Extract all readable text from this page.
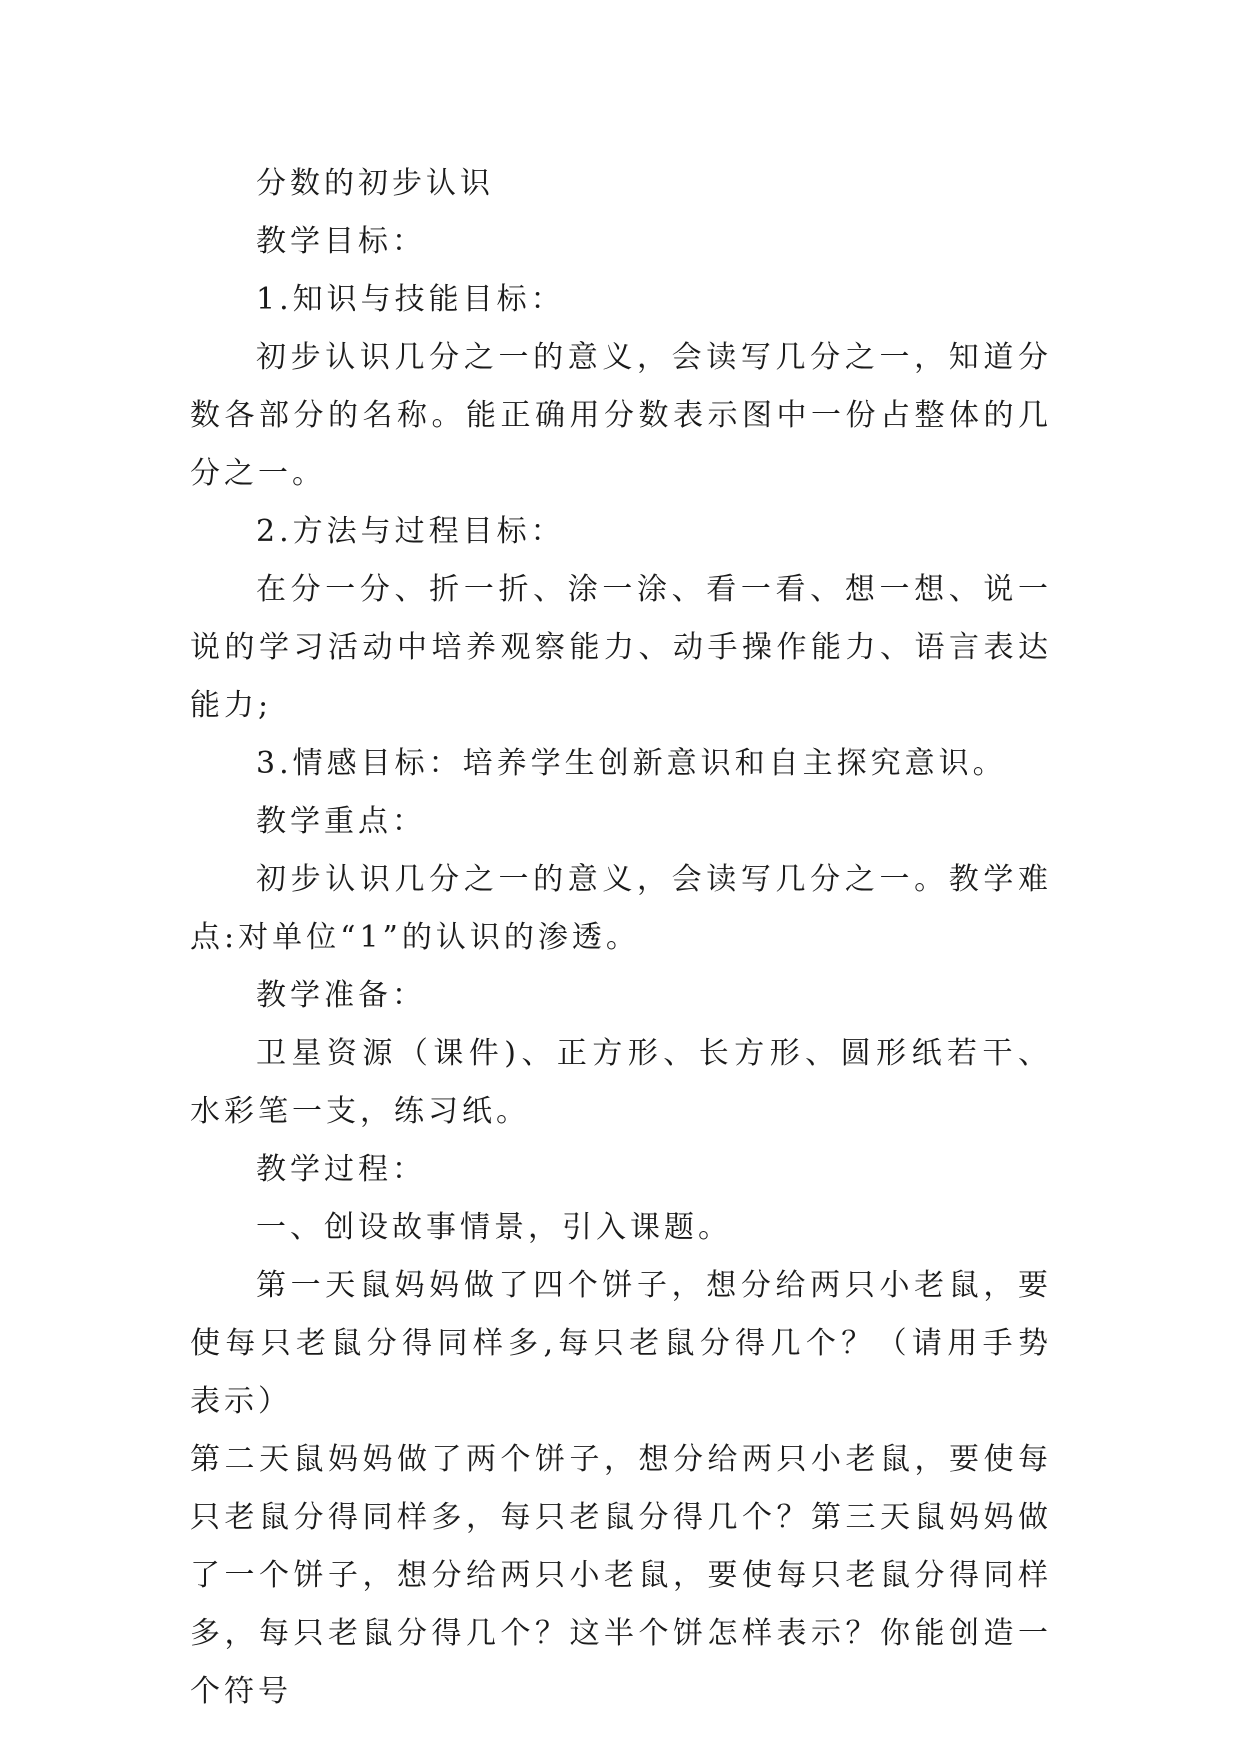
分数的初步认识

教学目标：

1.知识与技能目标：

初步认识几分之一的意义，会读写几分之一，知道分数各部分的名称。能正确用分数表示图中一份占整体的几分之一。

2.方法与过程目标：

在分一分、折一折、涂一涂、看一看、想一想、说一说的学习活动中培养观察能力、动手操作能力、语言表达能力;

3.情感目标：培养学生创新意识和自主探究意识。

教学重点：

初步认识几分之一的意义，会读写几分之一。教学难点:对单位“1”的认识的渗透。

教学准备：

卫星资源（课件)、正方形、长方形、圆形纸若干、水彩笔一支，练习纸。

教学过程：

一、创设故事情景，引入课题。

第一天鼠妈妈做了四个饼子，想分给两只小老鼠，要使每只老鼠分得同样多,每只老鼠分得几个？（请用手势表示）

第二天鼠妈妈做了两个饼子，想分给两只小老鼠，要使每只老鼠分得同样多，每只老鼠分得几个？第三天鼠妈妈做了一个饼子，想分给两只小老鼠，要使每只老鼠分得同样多，每只老鼠分得几个？这半个饼怎样表示？你能创造一个符号
